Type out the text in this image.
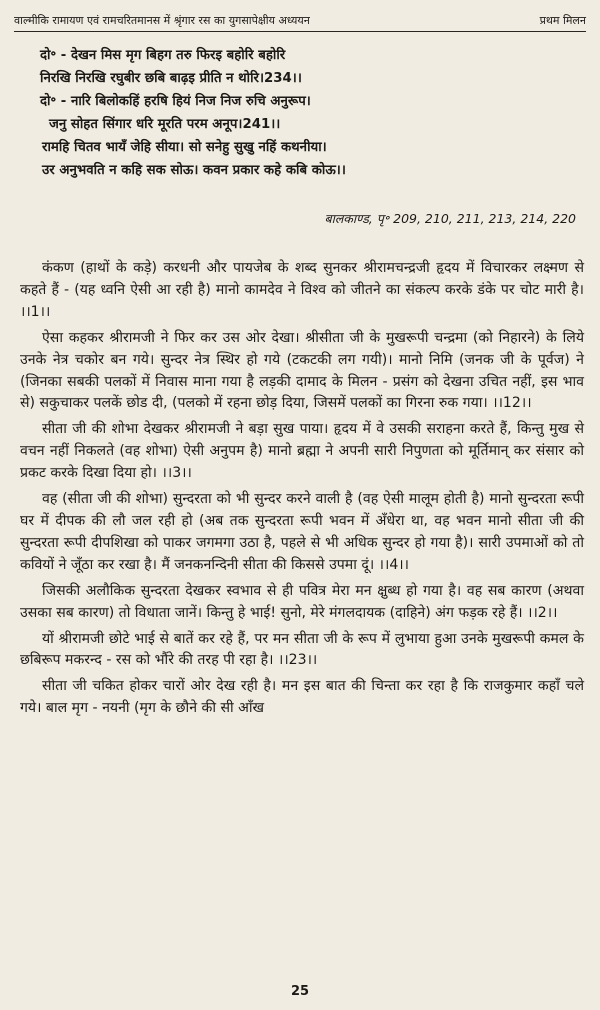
वाल्मीकि रामायण एवं रामचरितमानस में श्रृंगार रस का युगसापेक्षीय अध्ययन	प्रथम मिलन
दो॰ - देखन मिस मृग बिहग तरु फिरइ बहोरि बहोरि
निरखि निरखि रघुबीर छबि बाढ़इ प्रीति न थोरि।234।।
दो॰ - नारि बिलोकहिं हरषि हियं निज निज रुचि अनुरूप।
जनु सोहत सिंगार धरि मूरति परम अनूप।241।।
रामहि चितव भायँ जेहि सीया। सो सनेहु सुखु नहिं कथनीया।
उर अनुभवति न कहि सक सोऊ। कवन प्रकार कहे कबि कोऊ।।
बालकाण्ड, पृ॰ 209, 210, 211, 213, 214, 220

कंकण (हाथों के कड़े) करधनी और पायजेब के शब्द सुनकर श्रीरामचन्द्रजी हृदय में विचारकर लक्ष्मण से कहते हैं - (यह ध्वनि ऐसी आ रही है) मानो कामदेव ने विश्व को जीतने का संकल्प करके डंके पर चोट मारी है। ।।1।।

ऐसा कहकर श्रीरामजी ने फिर कर उस ओर देखा। श्रीसीता जी के मुखरूपी चन्द्रमा (को निहारने) के लिये उनके नेत्र चकोर बन गये। सुन्दर नेत्र स्थिर हो गये (टकटकी लग गयी)। मानो निमि (जनक जी के पूर्वज) ने (जिनका सबकी पलकों में निवास माना गया है लड़की दामाद के मिलन - प्रसंग को देखना उचित नहीं, इस भाव से) सकुचाकर पलकें छोड दी, (पलको में रहना छोड़ दिया, जिसमें पलकों का गिरना रुक गया। ।।12।।

सीता जी की शोभा देखकर श्रीरामजी ने बड़ा सुख पाया। हृदय में वे उसकी सराहना करते हैं, किन्तु मुख से वचन नहीं निकलते (वह शोभा) ऐसी अनुपम है) मानो ब्रह्मा ने अपनी सारी निपुणता को मूर्तिमान् कर संसार को प्रकट करके दिखा दिया हो। ।।3।।

वह (सीता जी की शोभा) सुन्दरता को भी सुन्दर करने वाली है (वह ऐसी मालूम होती है) मानो सुन्दरता रूपी घर में दीपक की लौ जल रही हो (अब तक सुन्दरता रूपी भवन में अँधेरा था, वह भवन मानो सीता जी की सुन्दरता रूपी दीपशिखा को पाकर जगमगा उठा है, पहले से भी अधिक सुन्दर हो गया है)। सारी उपमाओं को तो कवियों ने जूँठा कर रखा है। मैं जनकनन्दिनी सीता की किससे उपमा दूं। ।।4।।

जिसकी अलौकिक सुन्दरता देखकर स्वभाव से ही पवित्र मेरा मन क्षुब्ध हो गया है। वह सब कारण (अथवा उसका सब कारण) तो विधाता जानें। किन्तु हे भाई! सुनो, मेरे मंगलदायक (दाहिने) अंग फड़क रहे हैं। ।।2।।

यों श्रीरामजी छोटे भाई से बातें कर रहे हैं, पर मन सीता जी के रूप में लुभाया हुआ उनके मुखरूपी कमल के छबिरूप मकरन्द - रस को भौंरे की तरह पी रहा है। ।।23।।

सीता जी चकित होकर चारों ओर देख रही है। मन इस बात की चिन्ता कर रहा है कि राजकुमार कहाँ चले गये। बाल मृग - नयनी (मृग के छौने की सी आँख

25
